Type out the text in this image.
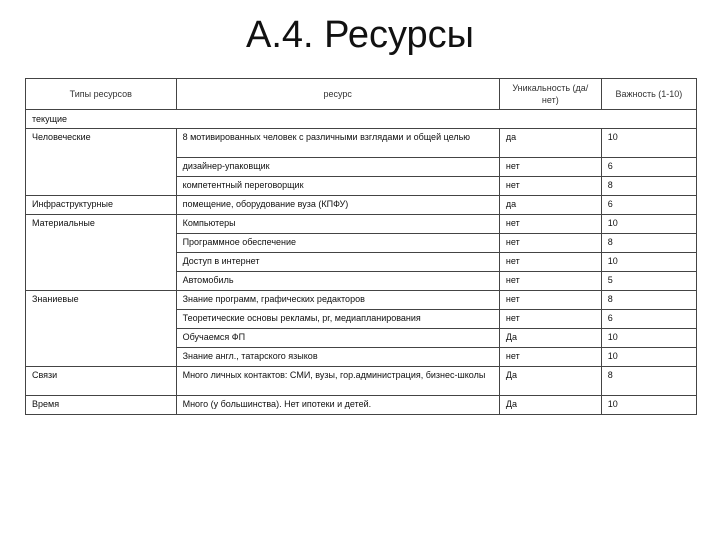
А.4. Ресурсы
Типы ресурсов	ресурс	Уникальность (да/нет)	Важность (1-10)
текущие			
Человеческие	8 мотивированных человек с различными взглядами и общей целью	да	10
	дизайнер-упаковщик	нет	6
	компетентный переговорщик	нет	8
Инфраструктурные	помещение, оборудование вуза (КПФУ)	да	6
Материальные	Компьютеры	нет	10
	Программное обеспечение	нет	8
	Доступ в интернет	нет	10
	Автомобиль	нет	5
Знаниевые	Знание программ, графических редакторов	нет	8
	Теоретические основы рекламы, pr, медиапланирования	нет	6
	Обучаемся ФП	Да	10
	Знание англ., татарского языков	нет	10
Связи	Много личных контактов: СМИ, вузы, гор.администрация, бизнес-школы	Да	8
Время	Много (у большинства). Нет ипотеки и детей.	Да	10
